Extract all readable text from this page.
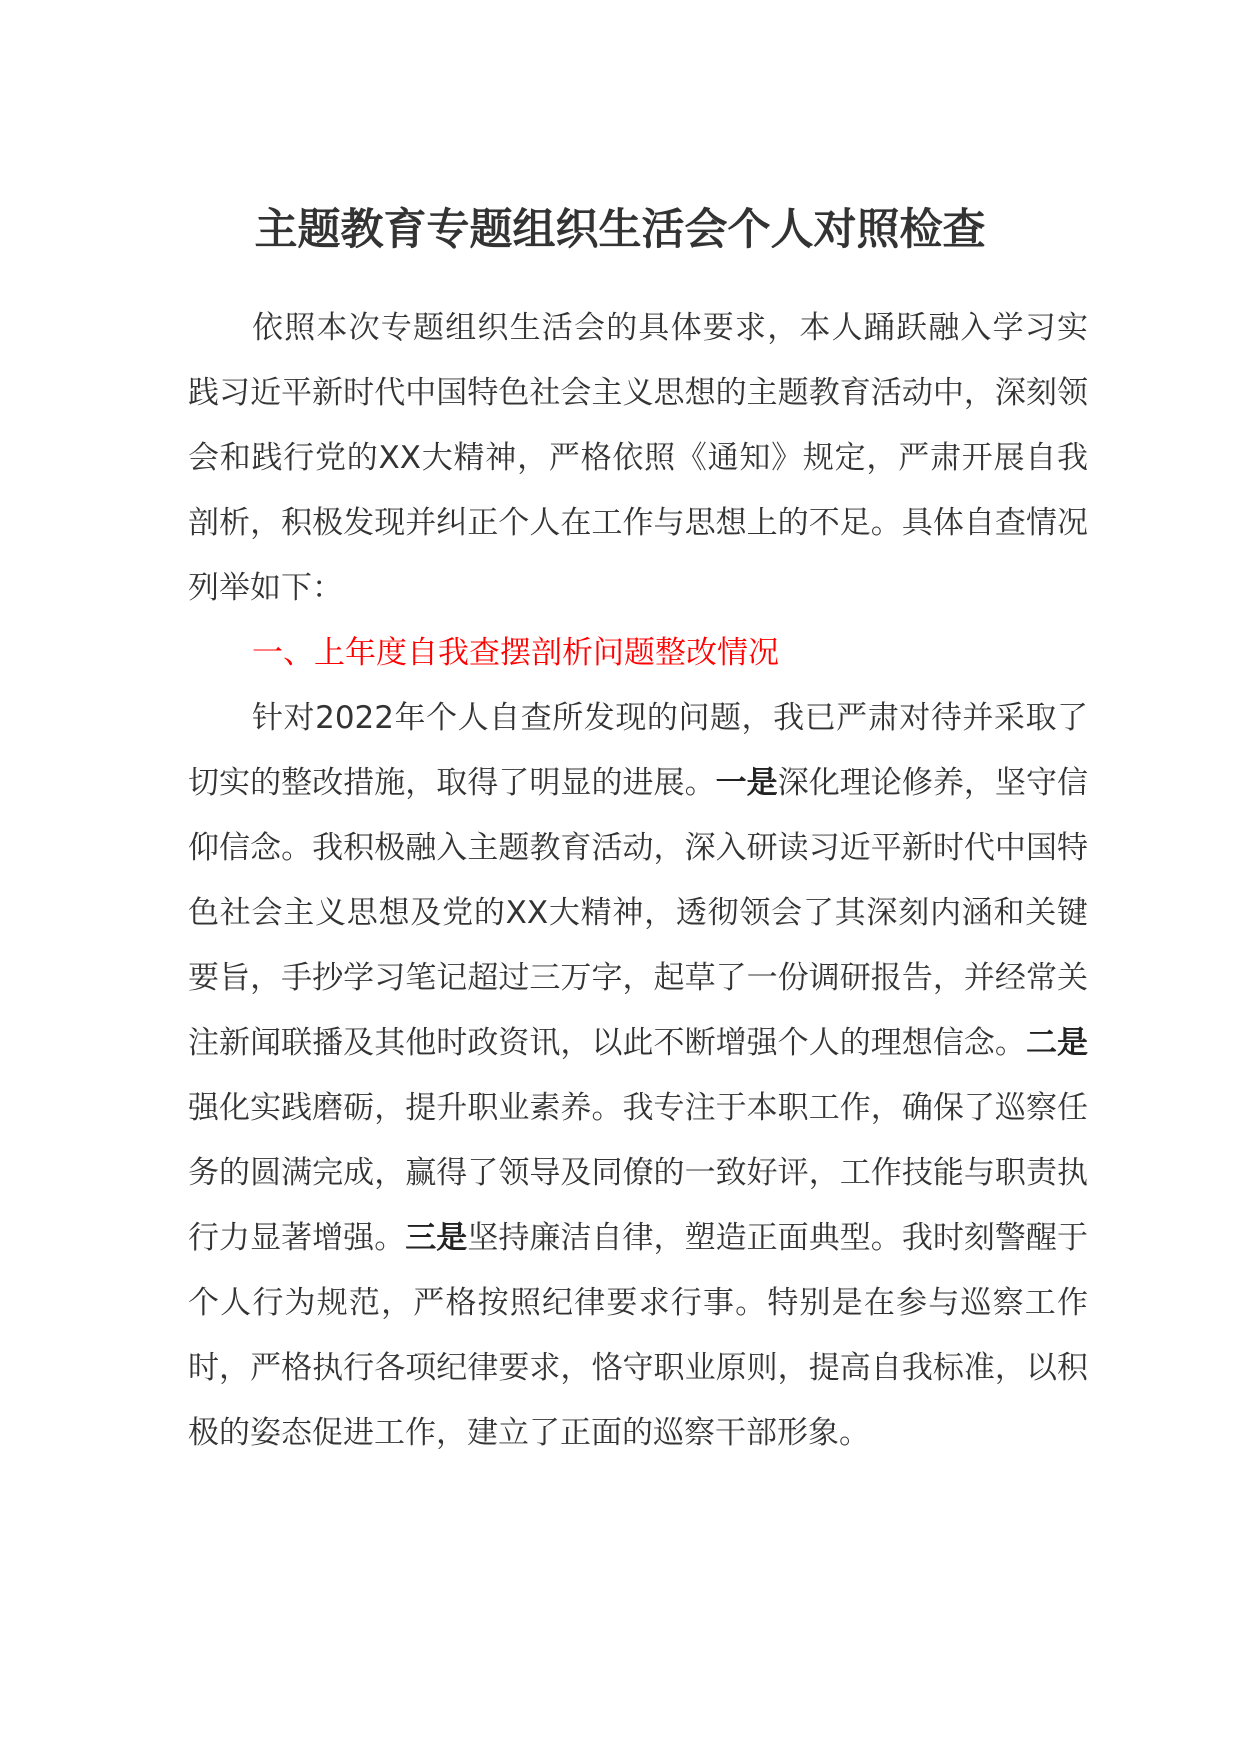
主题教育专题组织生活会个人对照检查

依照本次专题组织生活会的具体要求，本人踊跃融入学习实践习近平新时代中国特色社会主义思想的主题教育活动中，深刻领会和践行党的XX大精神，严格依照《通知》规定，严肃开展自我剖析，积极发现并纠正个人在工作与思想上的不足。具体自查情况列举如下：

一、上年度自我查摆剖析问题整改情况

针对2022年个人自查所发现的问题，我已严肃对待并采取了切实的整改措施，取得了明显的进展。一是深化理论修养，坚守信仰信念。我积极融入主题教育活动，深入研读习近平新时代中国特色社会主义思想及党的XX大精神，透彻领会了其深刻内涵和关键要旨，手抄学习笔记超过三万字，起草了一份调研报告，并经常关注新闻联播及其他时政资讯，以此不断增强个人的理想信念。二是强化实践磨砺，提升职业素养。我专注于本职工作，确保了巡察任务的圆满完成，赢得了领导及同僚的一致好评，工作技能与职责执行力显著增强。三是坚持廉洁自律，塑造正面典型。我时刻警醒于个人行为规范，严格按照纪律要求行事。特别是在参与巡察工作时，严格执行各项纪律要求，恪守职业原则，提高自我标准，以积极的姿态促进工作，建立了正面的巡察干部形象。
